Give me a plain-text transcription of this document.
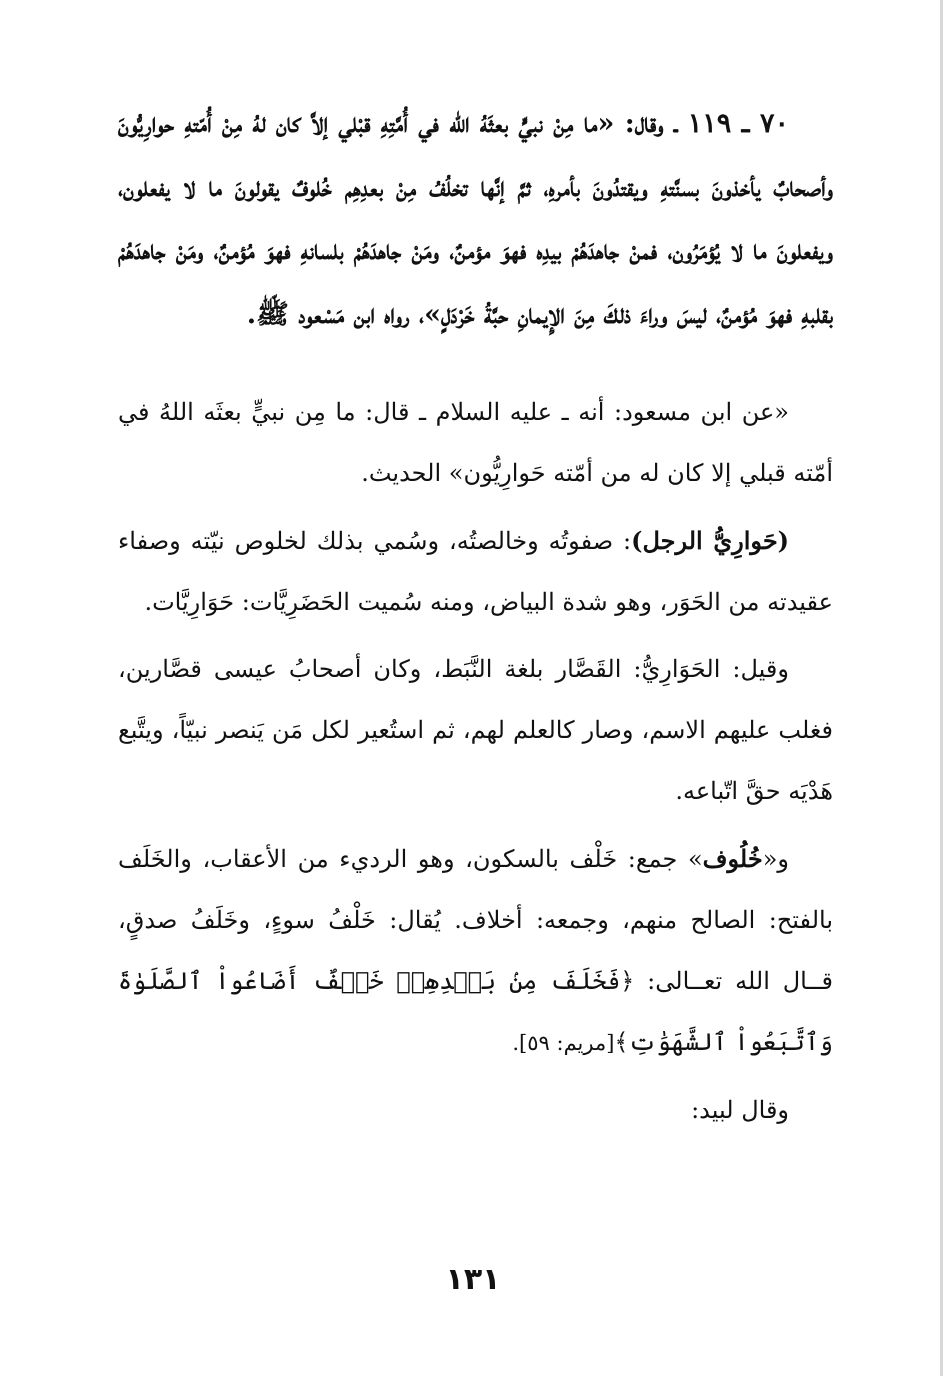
٧٠ ـ ١١٩ ـ وقال: «ما مِنْ نبيٍّ بعثَهُ الله في أُمَّتِهِ قبْلي إلاَّ كان لهُ مِنْ أُمّتهِ حوارِيُّونَ وأصحابٌ يأخذونَ بسنَّتهِ ويقتدُونَ بأمرهِ، ثمَّ إنَّها تخلُفُ مِنْ بعدِهِم خُلوفٌ يقولونَ ما لا يفعلون، ويفعلونَ ما لا يُؤمَرُون، فمنْ جاهدَهُمْ بيدِه فهوَ مؤمنٌ، ومَنْ جاهدَهُمْ بلسانهِ فهوَ مُؤمنٌ، ومَنْ جاهدَهُمْ بقلبهِ فهوَ مُؤمنٌ، ليسَ وراءَ ذلكَ مِنَ الإِيمانِ حبَّةُ خَرْدَلٍ»، رواه ابن مَسْعود ﷺ.

«عن ابن مسعود: أنه ـ عليه السلام ـ قال: ما مِن نبيٍّ بعثَه اللهُ في أمّته قبلي إلا كان له من أمّته حَوارِيُّون» الحديث.

(حَوارِيُّ الرجل): صفوتُه وخالصتُه، وسُمي بذلك لخلوص نيّته وصفاء عقيدته من الحَوَر، وهو شدة البياض، ومنه سُميت الحَضَرِيَّات: حَوَارِيَّات.

وقيل: الحَوَارِيُّ: القَصَّار بلغة النَّبَط، وكان أصحابُ عيسى قصَّارين، فغلب عليهم الاسم، وصار كالعلم لهم، ثم استُعير لكل مَن يَنصر نبيّاً، ويتَّبع هَدْيَه حقَّ اتّباعه.

و«خُلُوف» جمع: خَلْف بالسكون، وهو الرديء من الأعقاب، والخَلَف بالفتح: الصالح منهم، وجمعه: أخلاف. يُقال: خَلْفُ سوءٍ، وخَلَفُ صدقٍ، قــال الله تعــالى: ﴿فَخَلَفَ مِنۢ بَعۡدِهِمۡ خَلۡفٌ أَضَاعُواْ ٱلصَّلَوٰةَ وَٱتَّبَعُواْ ٱلشَّهَوَٰتِ﴾[مريم: ٥٩].

وقال لبيد:

١٣١
